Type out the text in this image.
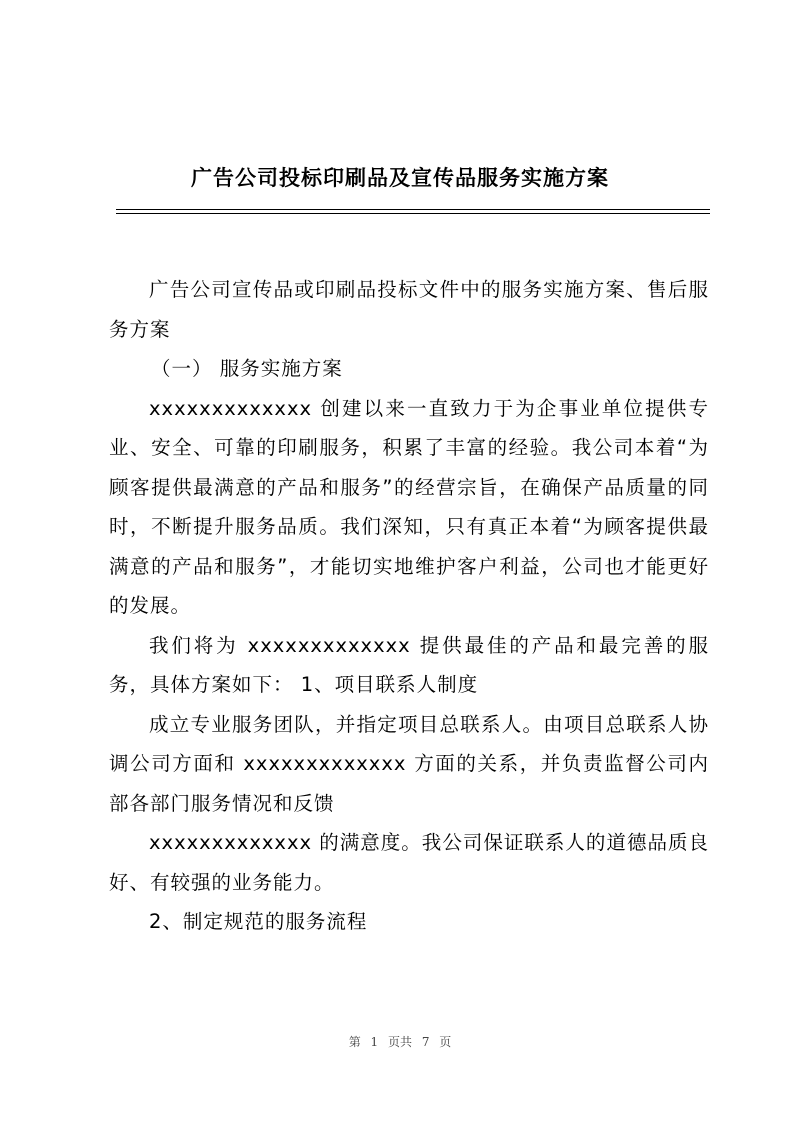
广告公司投标印刷品及宣传品服务实施方案

广告公司宣传品或印刷品投标文件中的服务实施方案、售后服务方案

（一） 服务实施方案

xxxxxxxxxxxxx 创建以来一直致力于为企事业单位提供专业、安全、可靠的印刷服务，积累了丰富的经验。我公司本着“为顾客提供最满意的产品和服务”的经营宗旨，在确保产品质量的同时，不断提升服务品质。我们深知，只有真正本着“为顾客提供最满意的产品和服务”，才能切实地维护客户利益，公司也才能更好的发展。

我们将为 xxxxxxxxxxxxx 提供最佳的产品和最完善的服务，具体方案如下： 1、项目联系人制度

成立专业服务团队，并指定项目总联系人。由项目总联系人协调公司方面和 xxxxxxxxxxxxx 方面的关系，并负责监督公司内部各部门服务情况和反馈

xxxxxxxxxxxxx 的满意度。我公司保证联系人的道德品质良好、有较强的业务能力。

2、制定规范的服务流程

第 1 页共 7 页
